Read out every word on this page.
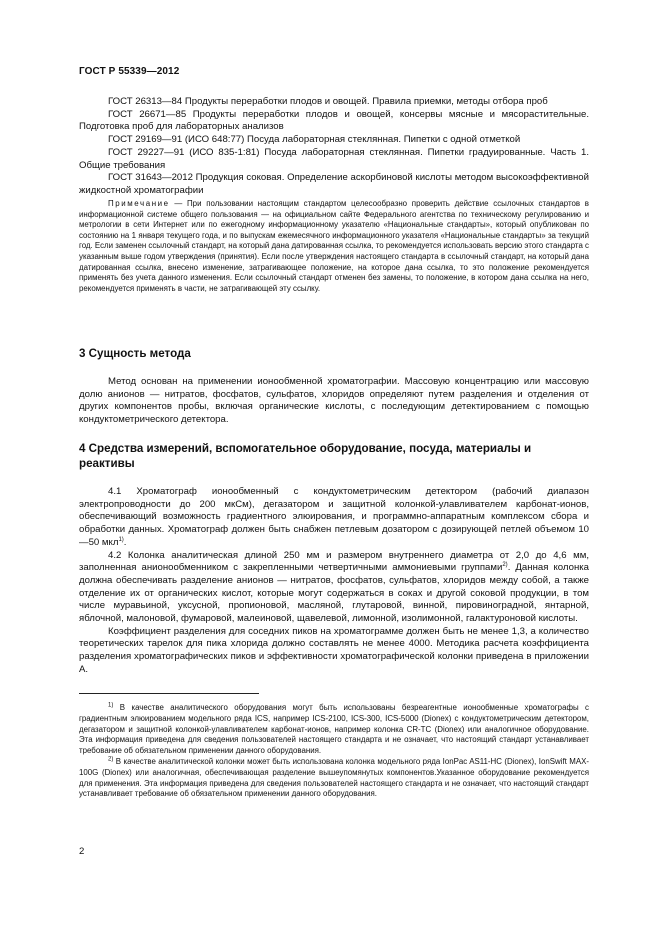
ГОСТ Р 55339—2012

ГОСТ 26313—84 Продукты переработки плодов и овощей. Правила приемки, методы отбора проб

ГОСТ 26671—85 Продукты переработки плодов и овощей, консервы мясные и мясорастительные. Подготовка проб для лабораторных анализов

ГОСТ 29169—91 (ИСО 648:77) Посуда лабораторная стеклянная. Пипетки с одной отметкой

ГОСТ 29227—91 (ИСО 835-1:81) Посуда лабораторная стеклянная. Пипетки градуированные. Часть 1. Общие требования

ГОСТ 31643—2012 Продукция соковая. Определение аскорбиновой кислоты методом высокоэффективной жидкостной хроматографии

Примечание — При пользовании настоящим стандартом целесообразно проверить действие ссылочных стандартов в информационной системе общего пользования — на официальном сайте Федерального агентства по техническому регулированию и метрологии в сети Интернет или по ежегодному информационному указателю «Национальные стандарты», который опубликован по состоянию на 1 января текущего года, и по выпускам ежемесячного информационного указателя «Национальные стандарты» за текущий год. Если заменен ссылочный стандарт, на который дана датированная ссылка, то рекомендуется использовать версию этого стандарта с указанным выше годом утверждения (принятия). Если после утверждения настоящего стандарта в ссылочный стандарт, на который дана датированная ссылка, внесено изменение, затрагивающее положение, на которое дана ссылка, то это положение рекомендуется применять без учета данного изменения. Если ссылочный стандарт отменен без замены, то положение, в котором дана ссылка на него, рекомендуется применять в части, не затрагивающей эту ссылку.

3 Сущность метода

Метод основан на применении ионообменной хроматографии. Массовую концентрацию или массовую долю анионов — нитратов, фосфатов, сульфатов, хлоридов определяют путем разделения и отделения от других компонентов пробы, включая органические кислоты, с последующим детектированием с помощью кондуктометрического детектора.

4 Средства измерений, вспомогательное оборудование, посуда, материалы и реактивы

4.1 Хроматограф ионообменный с кондуктометрическим детектором (рабочий диапазон электропроводности до 200 мкСм), дегазатором и защитной колонкой-улавливателем карбонат-ионов, обеспечивающий возможность градиентного элюирования, и программно-аппаратным комплексом сбора и обработки данных. Хроматограф должен быть снабжен петлевым дозатором с дозирующей петлей объемом 10—50 мкл$^{1)}$.

4.2 Колонка аналитическая длиной 250 мм и размером внутреннего диаметра от 2,0 до 4,6 мм, заполненная анионообменником с закрепленными четвертичными аммониевыми группами$^{2)}$. Данная колонка должна обеспечивать разделение анионов — нитратов, фосфатов, сульфатов, хлоридов между собой, а также отделение их от органических кислот, которые могут содержаться в соках и другой соковой продукции, в том числе муравьиной, уксусной, пропионовой, масляной, глутаровой, винной, пировиноградной, янтарной, яблочной, малоновой, фумаровой, малеиновой, щавелевой, лимонной, изолимонной, галактуроновой кислоты.

Коэффициент разделения для соседних пиков на хроматограмме должен быть не менее 1,3, а количество теоретических тарелок для пика хлорида должно составлять не менее 4000. Методика расчета коэффициента разделения хроматографических пиков и эффективности хроматографической колонки приведена в приложении А.

$^{1)}$ В качестве аналитического оборудования могут быть использованы безреагентные ионообменные хроматографы с градиентным элюированием модельного ряда ICS, например ICS-2100, ICS-300, ICS-5000 (Dionex) с кондуктометрическим детектором, дегазатором и защитной колонкой-улавливателем карбонат-ионов, например колонка CR-TC (Dionex) или аналогичное оборудование. Эта информация приведена для сведения пользователей настоящего стандарта и не означает, что настоящий стандарт устанавливает требование об обязательном применении данного оборудования.

$^{2)}$ В качестве аналитической колонки может быть использована колонка модельного ряда IonPac AS11-HC (Dionex), IonSwift MAX-100G (Dionex) или аналогичная, обеспечивающая разделение вышеупомянутых компонентов.Указанное оборудование рекомендуется для применения. Эта информация приведена для сведения пользователей настоящего стандарта и не означает, что настоящий стандарт устанавливает требование об обязательном применении данного оборудования.

2
